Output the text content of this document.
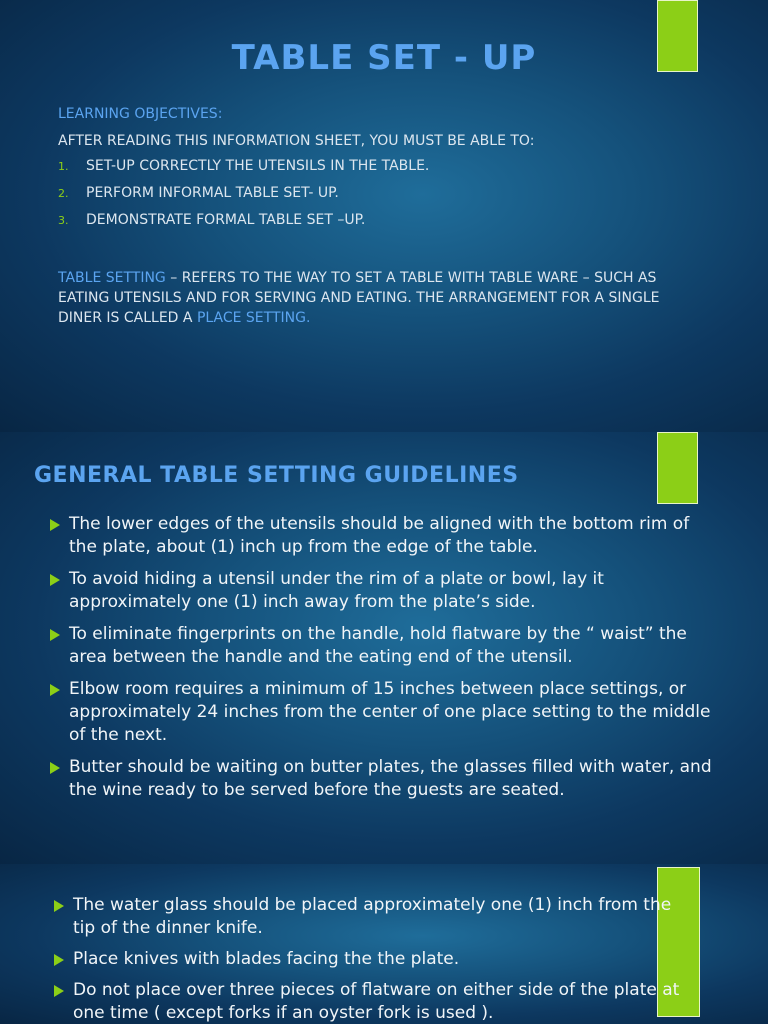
TABLE SET - UP
LEARNING OBJECTIVES:
AFTER READING THIS INFORMATION SHEET, YOU MUST BE ABLE TO:
1.	SET-UP CORRECTLY THE UTENSILS IN THE TABLE.
2.	PERFORM INFORMAL TABLE SET- UP.
3.	DEMONSTRATE FORMAL TABLE SET –UP.
TABLE SETTING – REFERS TO THE WAY TO SET A TABLE WITH TABLE WARE – SUCH AS EATING UTENSILS AND FOR SERVING AND EATING. THE ARRANGEMENT FOR A SINGLE DINER IS CALLED A PLACE SETTING.
GENERAL TABLE SETTING GUIDELINES
The lower edges of the utensils should be aligned with the bottom rim of the plate, about (1) inch up from the edge of the table.
To avoid hiding a utensil under the rim of a plate or bowl, lay it approximately one (1) inch away from the plate’s side.
To eliminate fingerprints on the handle, hold flatware by the “ waist” the area between the handle and the eating end of the utensil.
Elbow room requires a minimum of 15 inches between place settings, or approximately 24 inches from the center of one place setting to the middle of the next.
Butter should be waiting on butter plates, the glasses filled with water, and the wine ready to be served before the guests are seated.
The water glass should be placed approximately one (1) inch from the tip of the dinner knife.
Place knives with blades facing the the plate.
Do not place over three pieces of flatware on either side of the plate at one time ( except forks if an oyster fork is used ).
